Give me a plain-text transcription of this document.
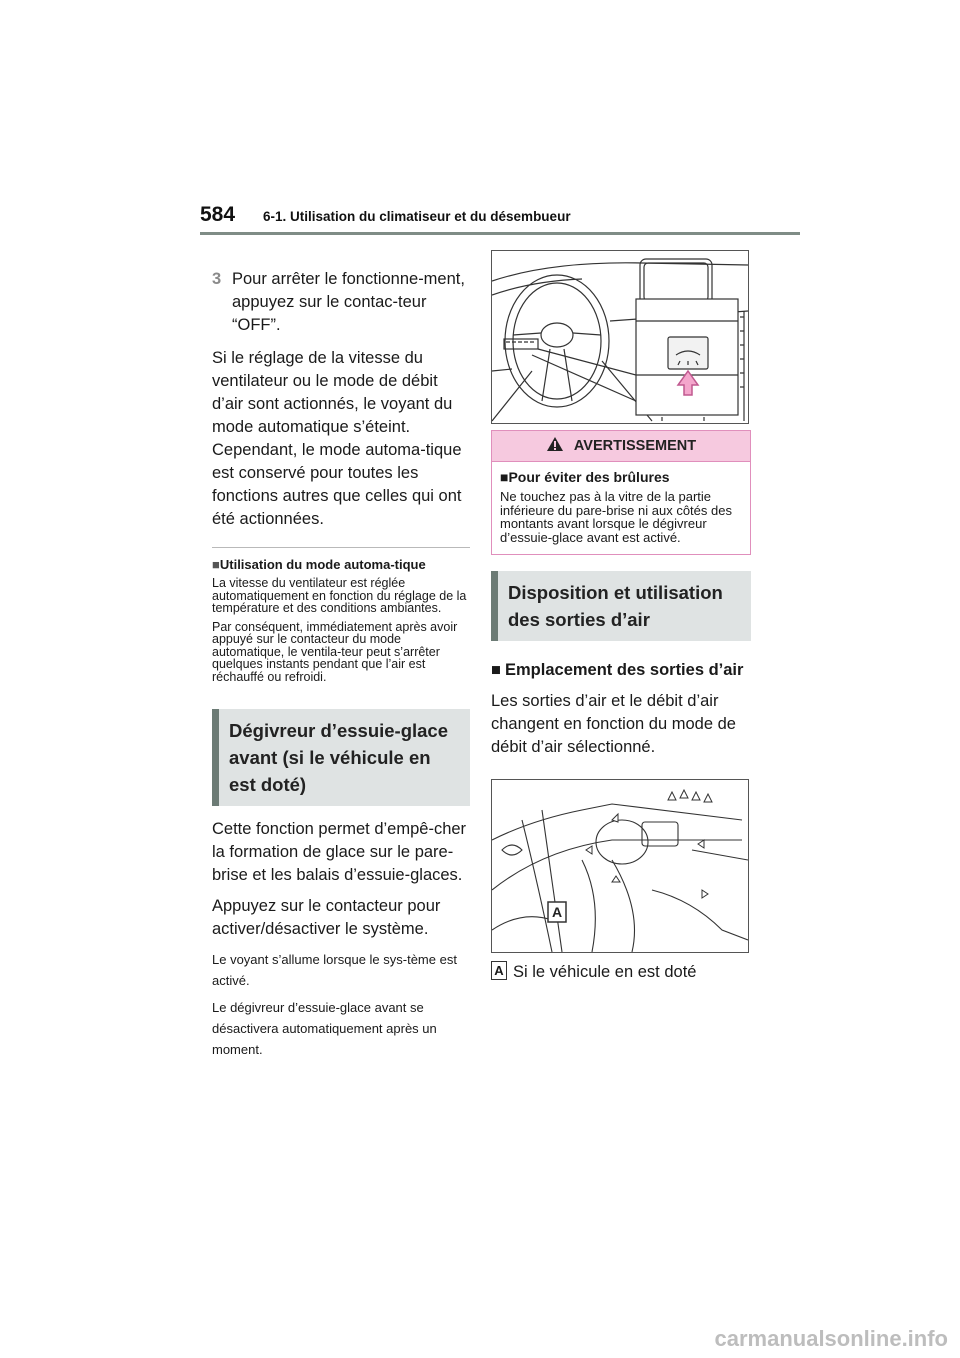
584 6-1. Utilisation du climatiseur et du désembueur
3 Pour arrêter le fonctionne-ment, appuyez sur le contac-teur “OFF”.

Si le réglage de la vitesse du ventilateur ou le mode de débit d’air sont actionnés, le voyant du mode automatique s’éteint. Cependant, le mode automa-tique est conservé pour toutes les fonctions autres que celles qui ont été actionnées.

■Utilisation du mode automa-tique

La vitesse du ventilateur est réglée automatiquement en fonction du réglage de la température et des conditions ambiantes.

Par conséquent, immédiatement après avoir appuyé sur le contacteur du mode automatique, le ventila-teur peut s’arrêter quelques instants pendant que l’air est réchauffé ou refroidi.

Dégivreur d’essuie-glace avant (si le véhicule en est doté)

Cette fonction permet d’empê-cher la formation de glace sur le pare-brise et les balais d’essuie-glaces.

Appuyez sur le contacteur pour activer/désactiver le système.

Le voyant s’allume lorsque le sys-tème est activé.

Le dégivreur d’essuie-glace avant se désactivera automatiquement après un moment.

AVERTISSEMENT
■Pour éviter des brûlures
Ne touchez pas à la vitre de la partie inférieure du pare-brise ni aux côtés des montants avant lorsque le dégivreur d’essuie-glace avant est activé.
Disposition et utilisation des sorties d’air
■ Emplacement des sorties d’air

Les sorties d’air et le débit d’air changent en fonction du mode de débit d’air sélectionné.

A
A Si le véhicule en est doté
carmanualsonline.info
